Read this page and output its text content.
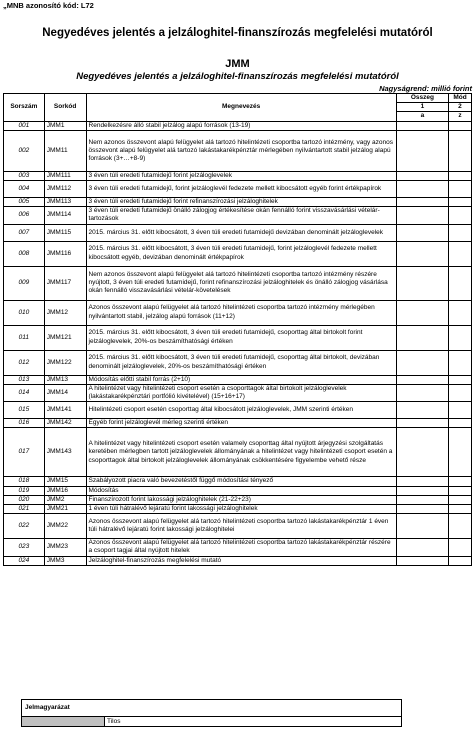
„MNB azonosító kód: L72
Negyedéves jelentés a jelzáloghitel-finanszírozás megfelelési mutatóról
JMM
Negyedéves jelentés a jelzáloghitel-finanszírozás megfelelési mutatóról
Nagyságrend: millió forint
Sorszám	Sorkód	Megnevezés	Összeg	Mód
			1	2
			a	z
001	JMM1	Rendelkezésre álló stabil jelzálog alapú források (13-19)		
002	JMM11	Nem azonos összevont alapú felügyelet alá tartozó hitelintézeti csoportba tartozó intézmény, vagy azonos összevont alapú felügyelet alá tartozó lakástakarékpénztár mérlegében nyilvántartott stabil jelzálog alapú források (3+…+8-9)		
003	JMM111	3 éven túli eredeti futamidejű forint jelzáloglevelek		
004	JMM112	3 éven túli eredeti futamidejű, forint jelzáloglevél fedezete mellett kibocsátott egyéb forint értékpapírok		
005	JMM113	3 éven túli eredeti futamidejű forint refinanszírozási jelzáloghitelek		
006	JMM114	3 éven túli eredeti futamidejű önálló zálogjog értékesítése okán fennálló forint visszavásárlási vételár-tartozások		
007	JMM115	2015. március 31. előtt kibocsátott, 3 éven túli eredeti futamidejű devizában denominált jelzáloglevelek		
008	JMM116	2015. március 31. előtt kibocsátott, 3 éven túli eredeti futamidejű, forint jelzáloglevél fedezete mellett kibocsátott egyéb, devizában denominált értékpapírok		
009	JMM117	Nem azonos összevont alapú felügyelet alá tartozó hitelintézeti csoportba tartozó intézmény részére nyújtott, 3 éven túli eredeti futamidejű, forint refinanszírozási jelzáloghitelek és önálló zálogjog vásárlása okán fennálló visszavásárlási vételár-követelések		
010	JMM12	Azonos összevont alapú felügyelet alá tartozó hitelintézeti csoportba tartozó intézmény mérlegében nyilvántartott stabil, jelzálog alapú források (11+12)		
011	JMM121	2015. március 31. előtt kibocsátott, 3 éven túli eredeti futamidejű, csoporttag által birtokolt forint jelzáloglevelek, 20%-os beszámíthatósági értéken		
012	JMM122	2015. március 31. előtt kibocsátott, 3 éven túli eredeti futamidejű, csoporttag által birtokolt, devizában denominált jelzáloglevelek, 20%-os beszámíthatósági értéken		
013	JMM13	Módosítás előtti stabil forrás (2+10)		
014	JMM14	A hitelintézet vagy hitelintézeti csoport esetén a csoporttagok által birtokolt jelzáloglevelek (lakástakarékpénztári portfólió kivételével) (15+16+17)		
015	JMM141	Hitelintézeti csoport esetén csoporttag által kibocsátott jelzáloglevelek, JMM szerinti értéken		
016	JMM142	Egyéb forint jelzáloglevél mérleg szerinti értéken		
017	JMM143	A hitelintézet vagy hitelintézeti csoport esetén valamely csoporttag által nyújtott árjegyzési szolgáltatás keretében mérlegben tartott jelzáloglevelek állományának a hitelintézet vagy hitelintézeti csoport esetén a csoporttagok által birtokolt jelzáloglevelek állományának csökkentésére figyelembe vehető része		
018	JMM15	Szabályozott piacra való bevezetéstől függő módosítási tényező		
019	JMM16	Módosítás		
020	JMM2	Finanszírozott forint lakossági jelzáloghitelek (21-22+23)		
021	JMM21	1 éven túli hátralévő lejáratú forint lakossági jelzáloghitelek		
022	JMM22	Azonos összevont alapú felügyelet alá tartozó hitelintézeti csoportba tartozó lakástakarékpénztár 1 éven túli hátralévő lejáratú forint lakossági jelzáloghitelei		
023	JMM23	Azonos összevont alapú felügyelet alá tartozó hitelintézeti csoportba tartozó lakástakarékpénztár részére a csoport tagjai által nyújtott hitelek		
024	JMM3	Jelzáloghitel-finanszírozás megfelelési mutató		
Jelmagyarázat
Tilos
